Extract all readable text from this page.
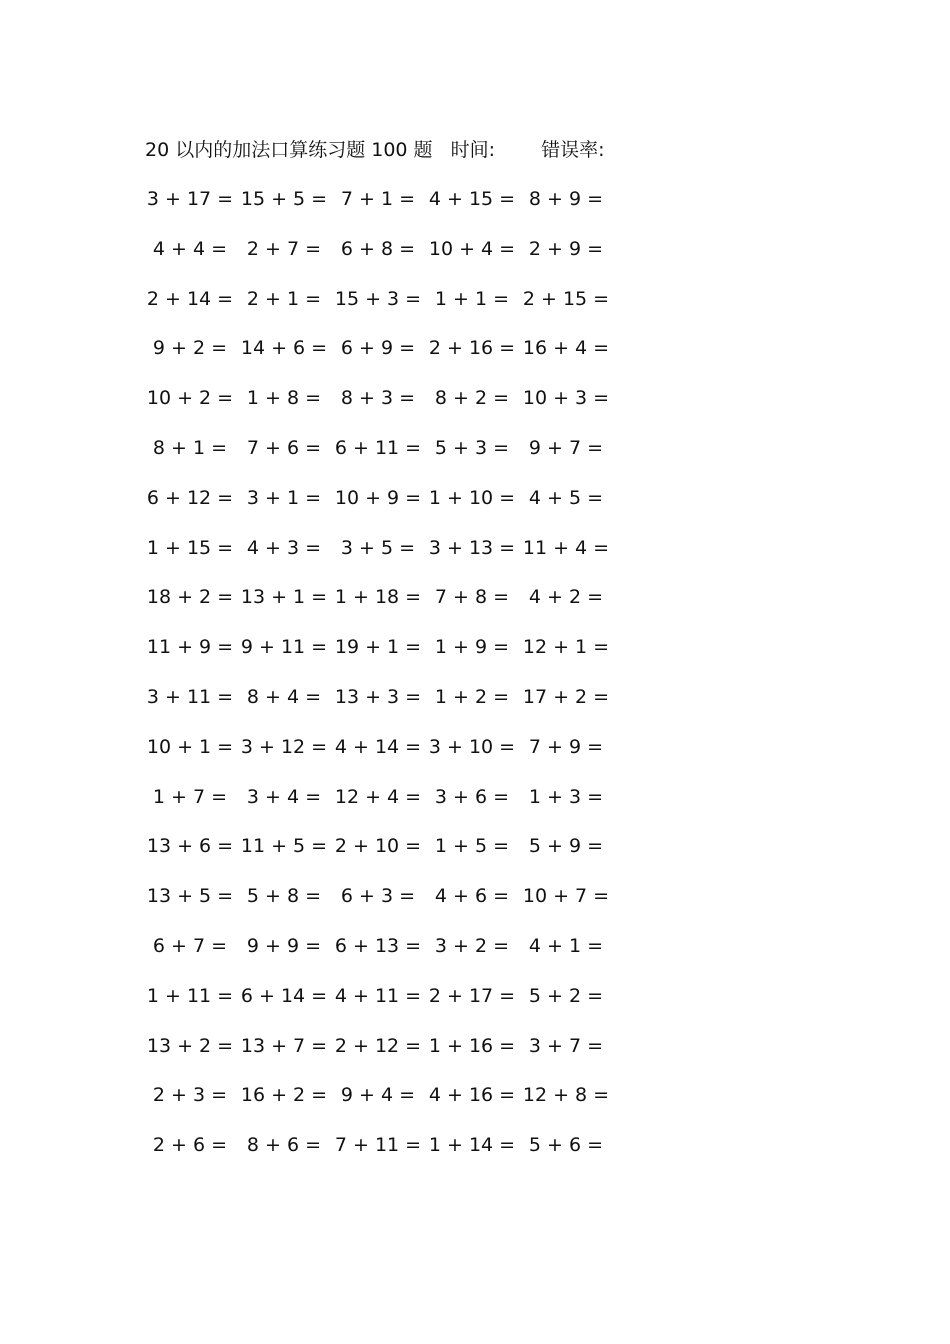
20 以内的加法口算练习题 100 题 时间: 错误率:
3 + 17 = 15 + 5 = 7 + 1 = 4 + 15 = 8 + 9 =
4 + 4 =	2 + 7 =	6 + 8 = 10 + 4 = 2 + 9 =
2 + 14 = 2 + 1 = 15 + 3 = 1 + 1 = 2 + 15 =
9 + 2 = 14 + 6 = 6 + 9 = 2 + 16 = 16 + 4 =
10 + 2 = 1 + 8 =	8 + 3 =	8 + 2 = 10 + 3 =
8 + 1 =	7 + 6 = 6 + 11 = 5 + 3 =	9 + 7 =
6 + 12 = 3 + 1 = 10 + 9 = 1 + 10 = 4 + 5 =
1 + 15 = 4 + 3 =	3 + 5 = 3 + 13 = 11 + 4 =
18 + 2 = 13 + 1 = 1 + 18 = 7 + 8 =	4 + 2 =
11 + 9 = 9 + 11 = 19 + 1 = 1 + 9 = 12 + 1 =
3 + 11 = 8 + 4 = 13 + 3 = 1 + 2 = 17 + 2 =
10 + 1 = 3 + 12 = 4 + 14 = 3 + 10 = 7 + 9 =
1 + 7 =	3 + 4 = 12 + 4 = 3 + 6 =	1 + 3 =
13 + 6 = 11 + 5 = 2 + 10 = 1 + 5 =	5 + 9 =
13 + 5 = 5 + 8 =	6 + 3 =	4 + 6 = 10 + 7 =
6 + 7 =	9 + 9 = 6 + 13 = 3 + 2 =	4 + 1 =
1 + 11 = 6 + 14 = 4 + 11 = 2 + 17 = 5 + 2 =
13 + 2 = 13 + 7 = 2 + 12 = 1 + 16 = 3 + 7 =
2 + 3 = 16 + 2 = 9 + 4 = 4 + 16 = 12 + 8 =
2 + 6 =	8 + 6 = 7 + 11 = 1 + 14 = 5 + 6 =
